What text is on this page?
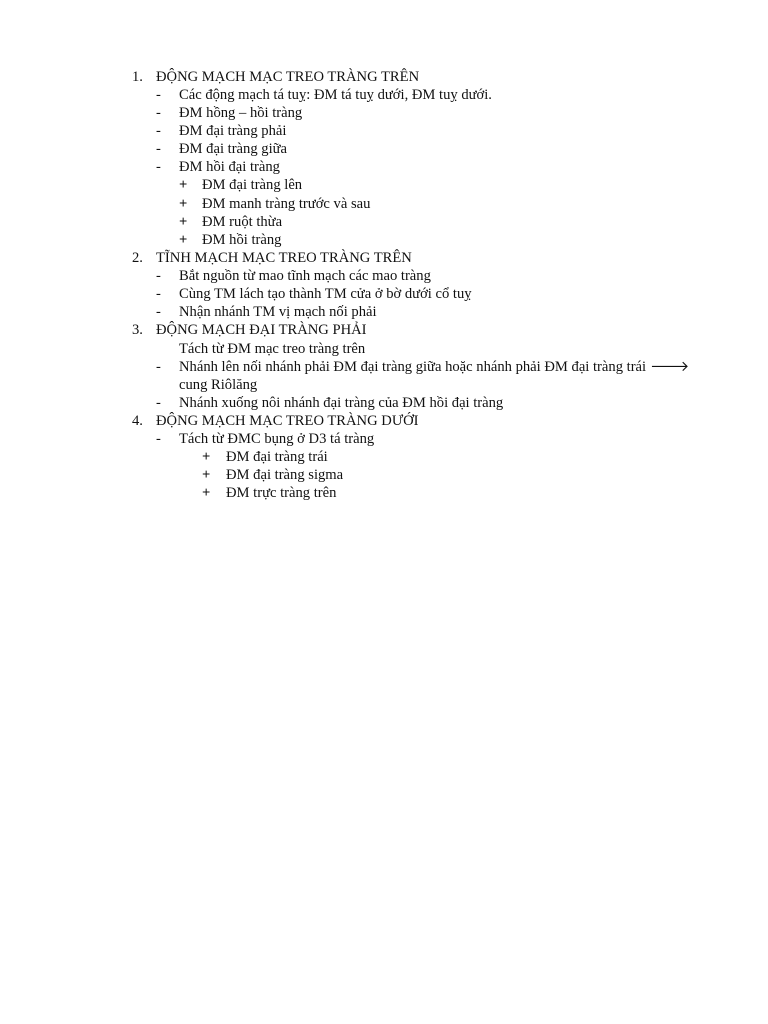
1. ĐỘNG MẠCH MẠC TREO TRÀNG TRÊN
- Các động mạch tá tuỵ: ĐM tá tuỵ dưới, ĐM tuỵ dưới.
- ĐM hồng – hồi tràng
- ĐM đại tràng phải
- ĐM đại tràng giữa
- ĐM hồi đại tràng
+ ĐM đại tràng lên
+ ĐM manh tràng trước và sau
+ ĐM ruột thừa
+ ĐM hồi tràng
2. TĨNH MẠCH MẠC TREO TRÀNG TRÊN
- Bắt nguồn từ mao tĩnh mạch các mao tràng
- Cùng TM lách tạo thành TM cửa ở bờ dưới cổ tuỵ
- Nhận nhánh TM vị mạch nối phải
3. ĐỘNG MẠCH ĐẠI TRÀNG PHẢI
Tách từ ĐM mạc treo tràng trên
- Nhánh lên nối nhánh phải ĐM đại tràng giữa hoặc nhánh phải ĐM đại tràng trái 🡒
cung Riôlăng
- Nhánh xuống nôi nhánh đại tràng của ĐM hồi đại tràng
4. ĐỘNG MẠCH MẠC TREO TRÀNG DƯỚI
- Tách từ ĐMC bụng ở D3 tá tràng
+ ĐM đại tràng trái
+ ĐM đại tràng sigma
+ ĐM trực tràng trên
